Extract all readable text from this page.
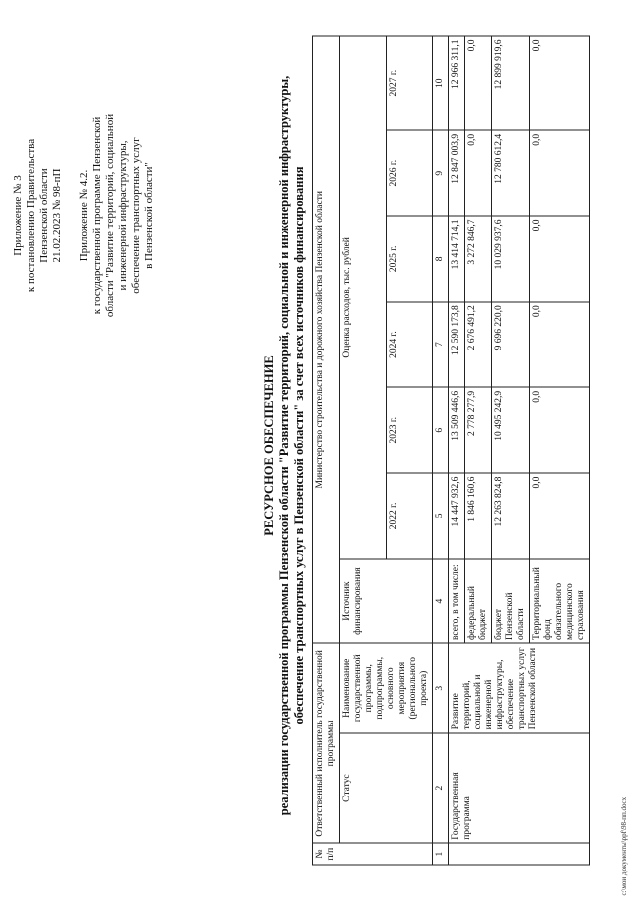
Приложение № 3 к постановлению Правительства Пензенской области 21.02.2023 № 98-пП Приложение № 4.2. к государственной программе Пензенской области "Развитие территорий, социальной и инженерной инфраструктуры, обеспечение транспортных услуг в Пензенской области"
РЕСУРСНОЕ ОБЕСПЕЧЕНИЕ реализации государственной программы Пензенской области "Развитие территорий, социальной и инженерной инфраструктуры, обеспечение транспортных услуг в Пензенской области" за счет всех источников финансирования
№ п/п	Ответственный исполнитель государственной программы		Министерство строительства и дорожного хозяйства Пензенской области						
	Статус	Наименование государственной программы, подпрограммы, основного мероприятия (регионального проекта)	Источник финансирования	Оценка расходов, тыс. рублей					
				2022 г.	2023 г.	2024 г.	2025 г.	2026 г.	2027 г.
1	2	3	4	5	6	7	8	9	10
	Государственная программа	Развитие территорий, социальной и инженерной инфраструктуры, обеспечение транспортных услуг Пензенской области	всего, в том числе:	14 447 932,6	13 509 446,6	12 590 173,8	13 414 714,1	12 847 003,9	12 966 311,1
			федеральный бюджет	1 846 160,6	2 778 277,9	2 676 491,2	3 272 846,7	0,0	0,0
			бюджет Пензенской области	12 263 824,8	10 495 242,9	9 696 220,0	10 029 937,6	12 780 612,4	12 899 919,6
			Территориальный фонд обязательного медицинского страхования	0,0	0,0	0,0	0,0	0,0	0,0
c:\мои документы\ppf\98-пп.docx
